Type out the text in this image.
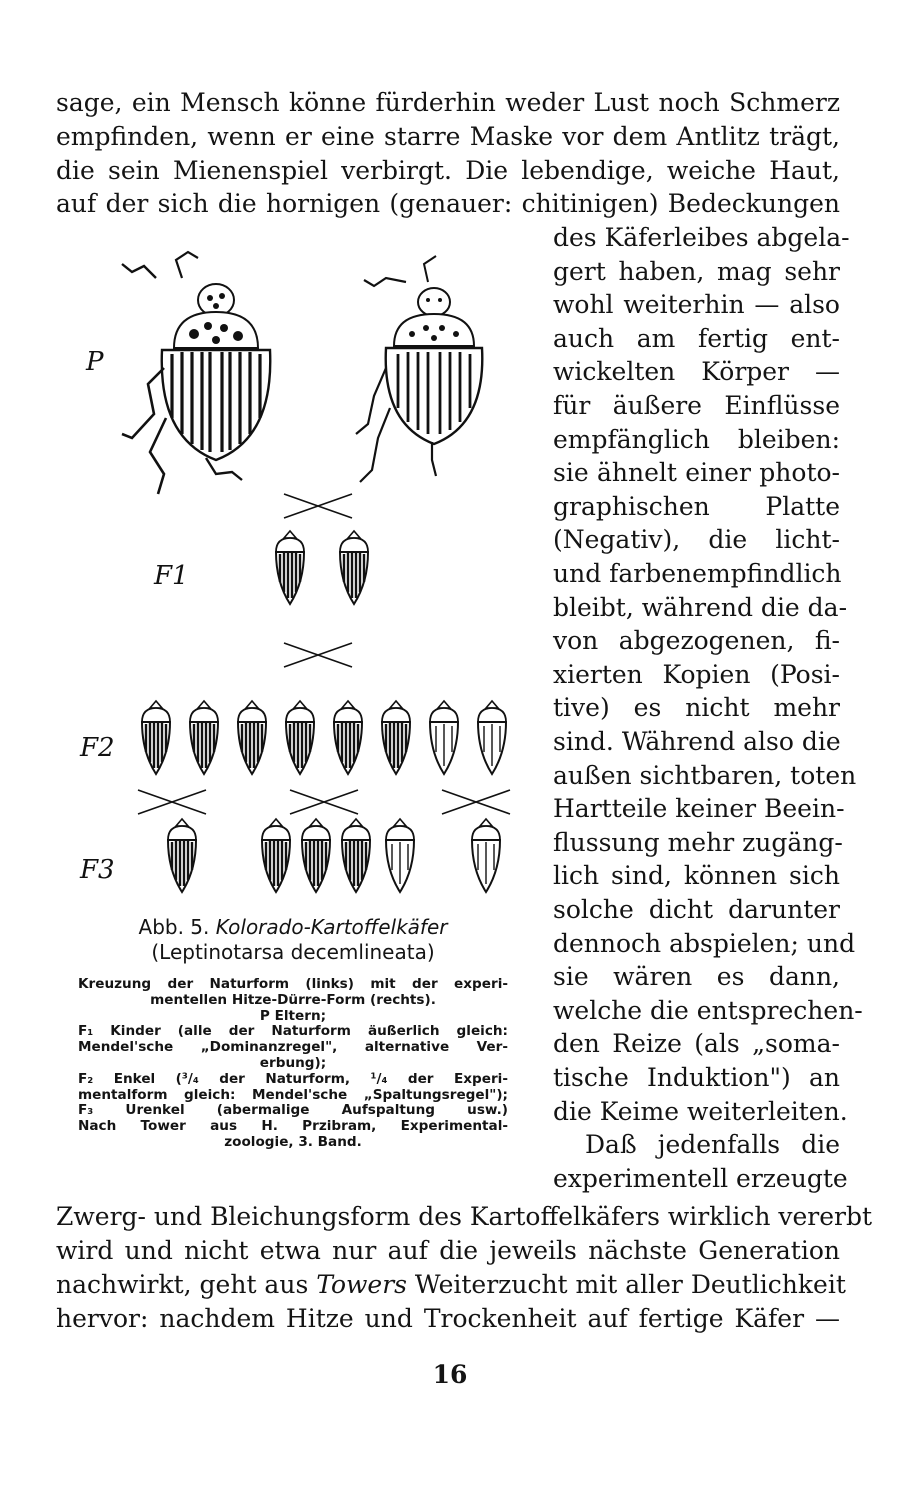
sage, ein Mensch könne fürderhin weder Lust noch Schmerz
empfinden, wenn er eine starre Maske vor dem Antlitz trägt,
die sein Mienenspiel verbirgt. Die lebendige, weiche Haut,
auf der sich die hornigen (genauer: chitinigen) Bedeckungen
des Käferleibes abgela-
gert haben, mag sehr
wohl weiterhin — also
auch am fertig ent-
wickelten Körper —
für äußere Einflüsse
empfänglich bleiben:
sie ähnelt einer photo-
graphischen Platte
(Negativ), die licht-
und farbenempfindlich
bleibt, während die da-
von abgezogenen, fi-
xierten Kopien (Posi-
tive) es nicht mehr
sind. Während also die
außen sichtbaren, toten
Hartteile keiner Beein-
flussung mehr zugäng-
lich sind, können sich
solche dicht darunter
dennoch abspielen; und
sie wären es dann,
welche die entsprechen-
den Reize (als „soma-
tische Induktion") an
die Keime weiterleiten.
Daß jedenfalls die
experimentell erzeugte
P
F1
F2
F3
Abb. 5. Kolorado-Kartoffelkäfer
(Leptinotarsa decemlineata)
Kreuzung der Naturform (links) mit der experi-
mentellen Hitze-Dürre-Form (rechts).
P Eltern;
F₁ Kinder (alle der Naturform äußerlich gleich:
Mendel'sche „Dominanzregel", alternative Ver-
erbung);
F₂ Enkel (³/₄ der Naturform, ¹/₄ der Experi-
mentalform gleich: Mendel'sche „Spaltungsregel");
F₃ Urenkel (abermalige Aufspaltung usw.)
Nach Tower aus H. Przibram, Experimental-
zoologie, 3. Band.
Zwerg- und Bleichungsform des Kartoffelkäfers wirklich vererbt
wird und nicht etwa nur auf die jeweils nächste Generation
nachwirkt, geht aus Towers Weiterzucht mit aller Deutlichkeit
hervor: nachdem Hitze und Trockenheit auf fertige Käfer —
16
